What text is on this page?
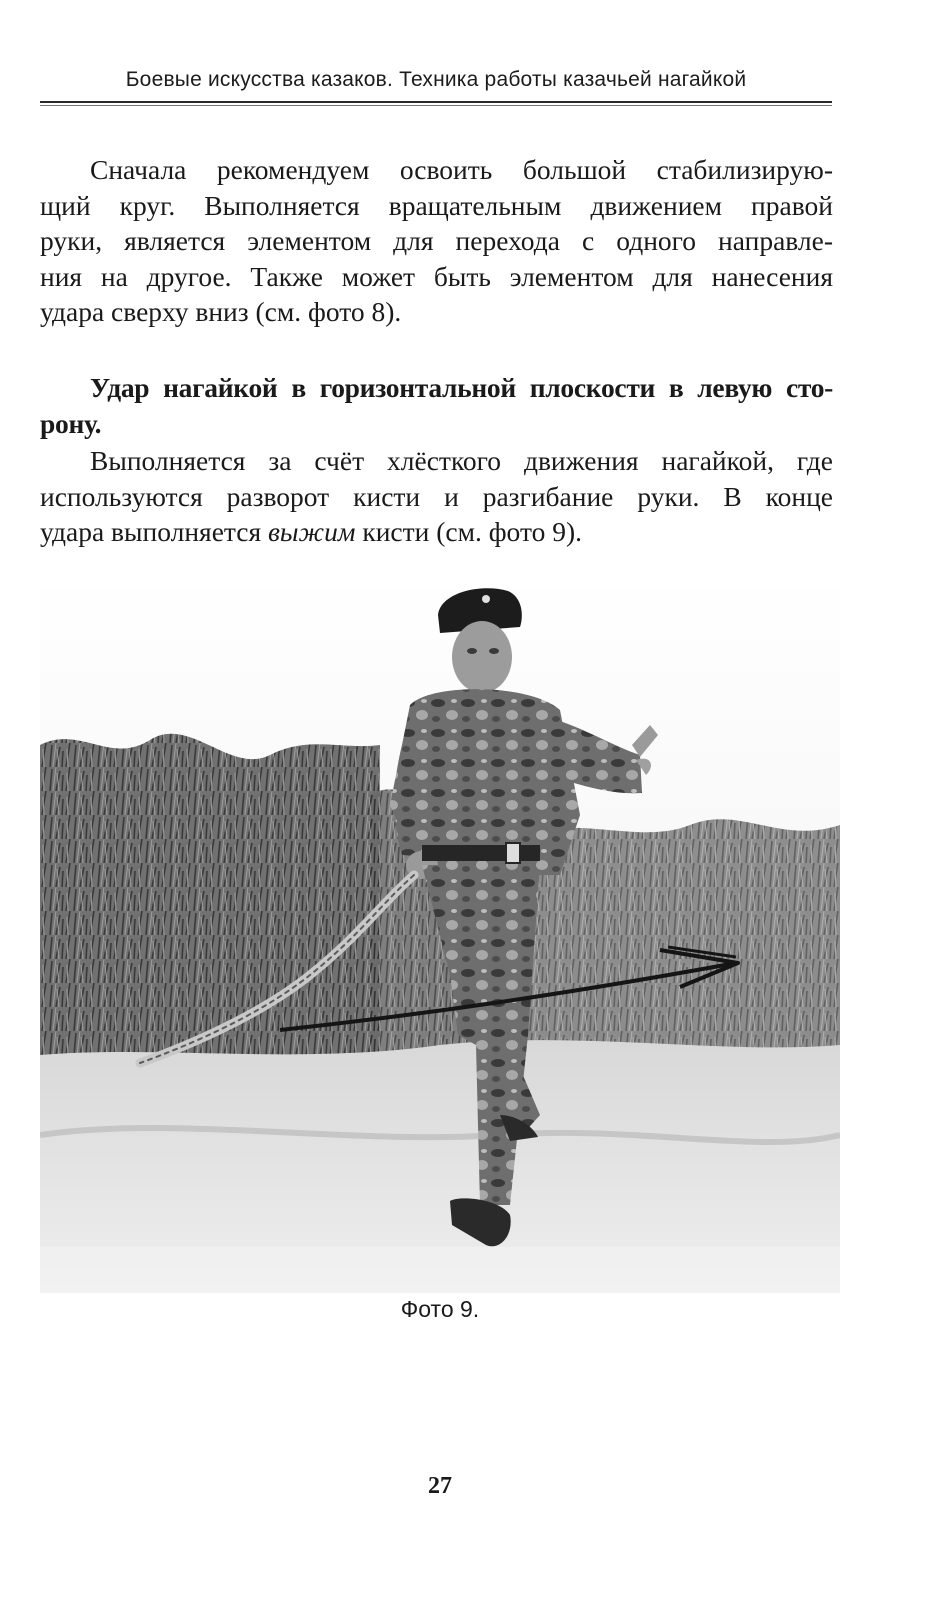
Боевые искусства казаков. Техника работы казачьей нагайкой
Сначала рекомендуем освоить большой стабилизирую-
щий круг. Выполняется вращательным движением правой
руки, является элементом для перехода с одного направле-
ния на другое. Также может быть элементом для нанесения
удара сверху вниз (см. фото 8).
Удар нагайкой в горизонтальной плоскости в левую сто-
рону.
Выполняется за счёт хлёсткого движения нагайкой, где
используются разворот кисти и разгибание руки. В конце
удара выполняется выжим кисти (см. фото 9).
Фото 9.
27
